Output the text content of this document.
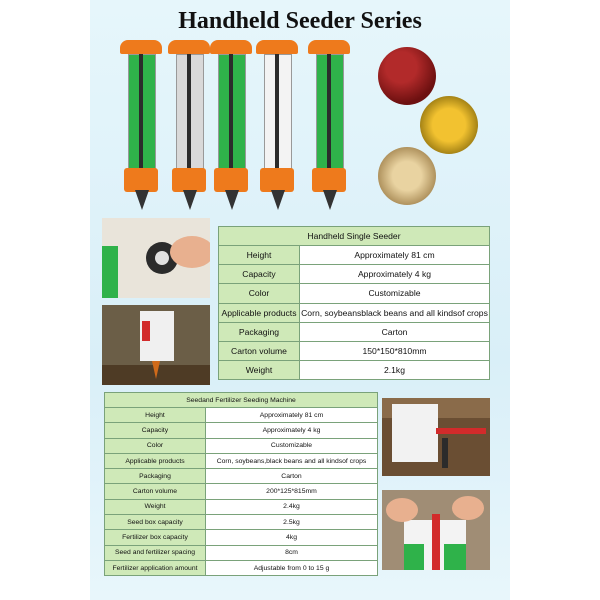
Handheld Seeder Series
Handheld Single Seeder	
Height	Approximately 81 cm
Capacity	Approximately 4 kg
Color	Customizable
Applicable products	Corn, soybeansblack beans and all kindsof crops
Packaging	Carton
Carton volume	150*150*810mm
Weight	2.1kg
Seedand Fertilizer Seeding Machine	
Height	Approximately 81 cm
Capacity	Approximately 4 kg
Color	Customizable
Applicable products	Corn, soybeans,black beans and all kindsof crops
Packaging	Carton
Carton volume	200*125*815mm
Weight	2.4kg
Seed box capacity	2.5kg
Fertilizer box capacity	4kg
Seed and fertilizer spacing	8cm
Fertilizer application amount	Adjustable from 0 to 15 g
